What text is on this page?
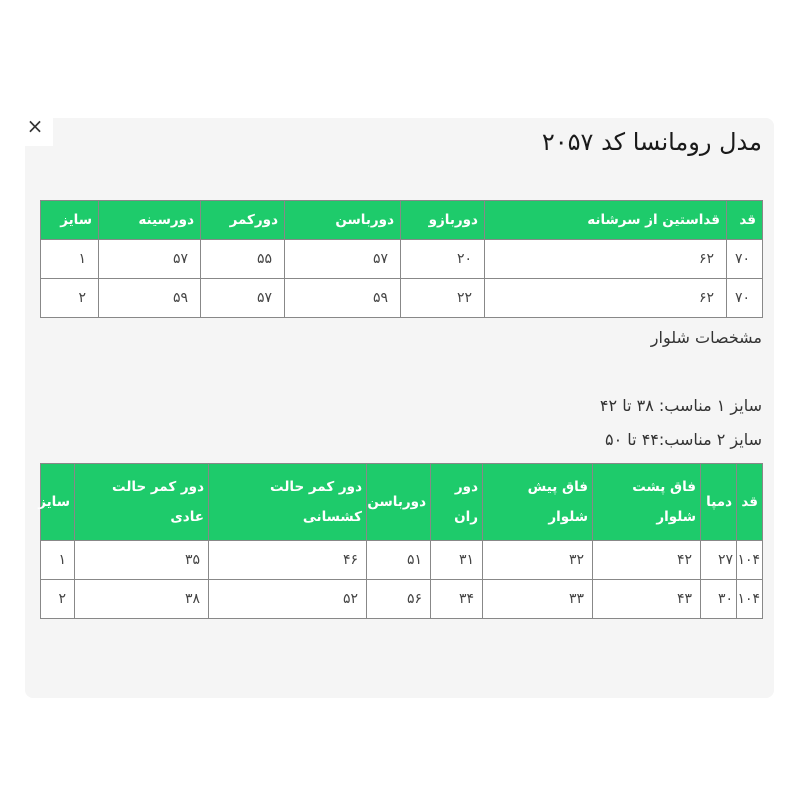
×
مدل رومانسا کد ۲۰۵۷
قد	قداستین از سرشانه	دوربازو	دورباسن	دورکمر	دورسینه	سایز
۷۰	۶۲	۲۰	۵۷	۵۵	۵۷	۱
۷۰	۶۲	۲۲	۵۹	۵۷	۵۹	۲
مشخصات شلوار
سایز ۱ مناسب: ۳۸ تا ۴۲
سایز ۲ مناسب:۴۴ تا ۵۰
قد	دمپا	فاق پشت شلوار	فاق پیش شلوار	دور ران	دورباسن	دور کمر حالت کشسانی	دور کمر حالت عادی	سایز
۱۰۴	۲۷	۴۲	۳۲	۳۱	۵۱	۴۶	۳۵	۱
۱۰۴	۳۰	۴۳	۳۳	۳۴	۵۶	۵۲	۳۸	۲
